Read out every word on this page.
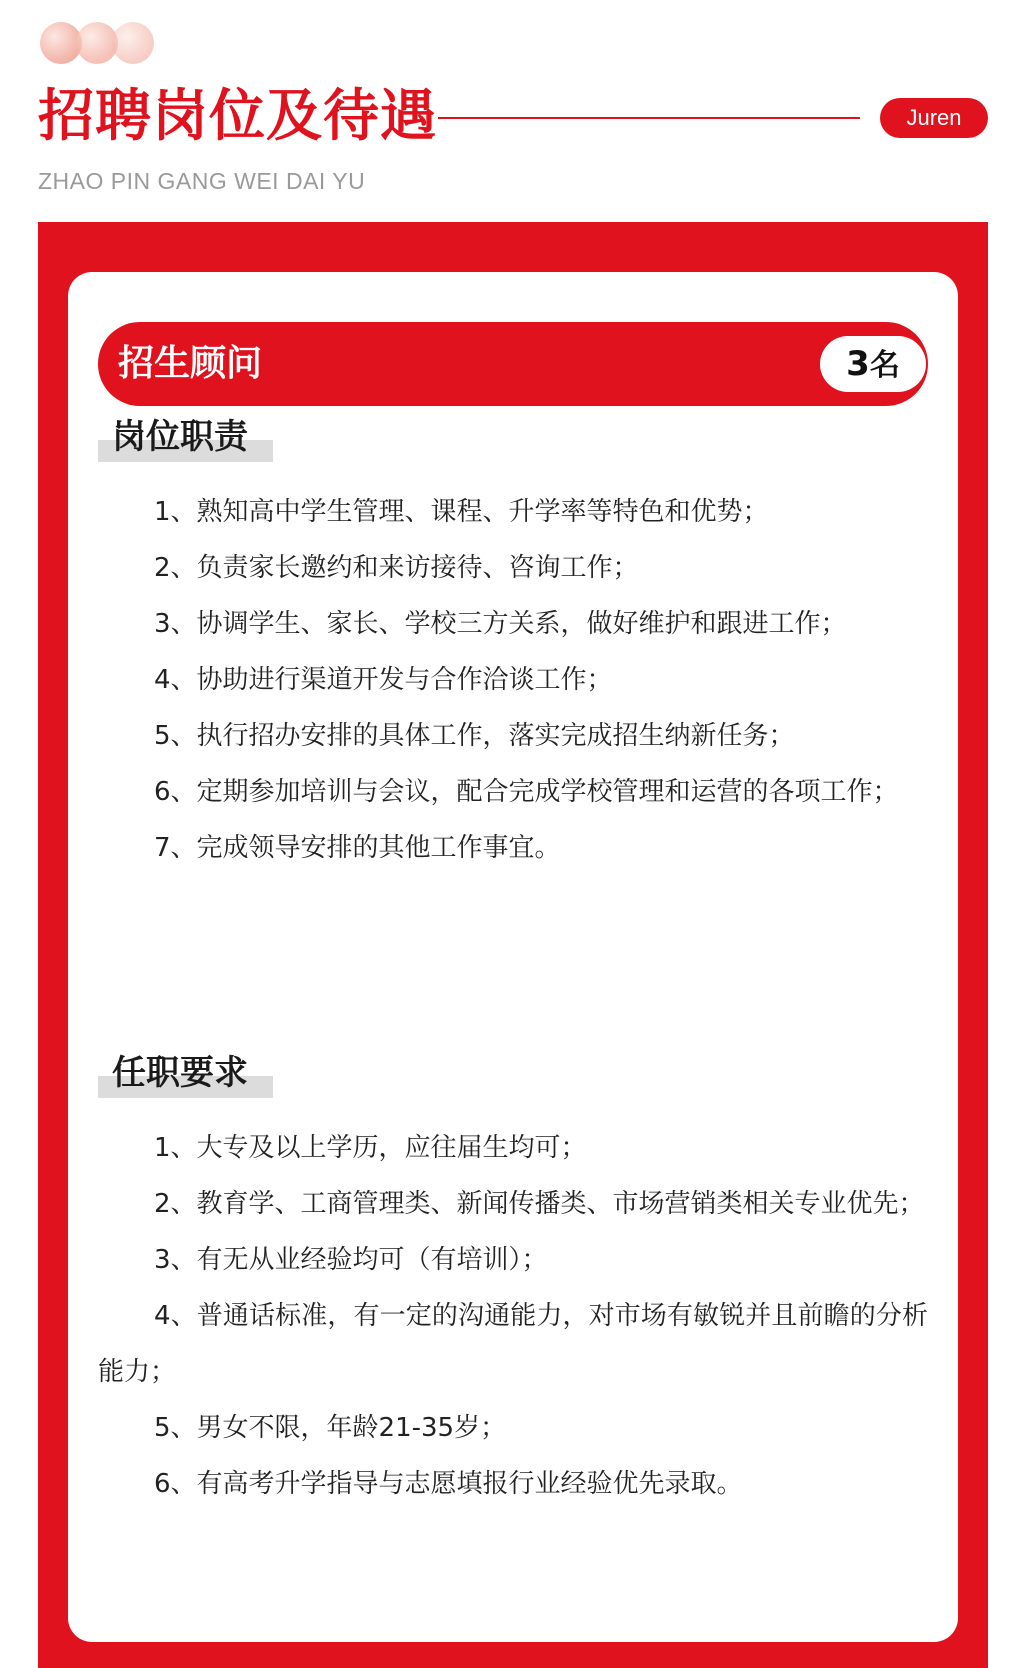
招聘岗位及待遇	Juren
ZHAO PIN GANG WEI DAI YU
招生顾问	3名
岗位职责

1、熟知高中学生管理、课程、升学率等特色和优势；

2、负责家长邀约和来访接待、咨询工作；

3、协调学生、家长、学校三方关系，做好维护和跟进工作；

4、协助进行渠道开发与合作洽谈工作；

5、执行招办安排的具体工作，落实完成招生纳新任务；

6、定期参加培训与会议，配合完成学校管理和运营的各项工作；

7、完成领导安排的其他工作事宜。

任职要求

1、大专及以上学历，应往届生均可；

2、教育学、工商管理类、新闻传播类、市场营销类相关专业优先；

3、有无从业经验均可（有培训）；

4、普通话标准，有一定的沟通能力，对市场有敏锐并且前瞻的分析能力；

5、男女不限，年龄21-35岁；

6、有高考升学指导与志愿填报行业经验优先录取。
